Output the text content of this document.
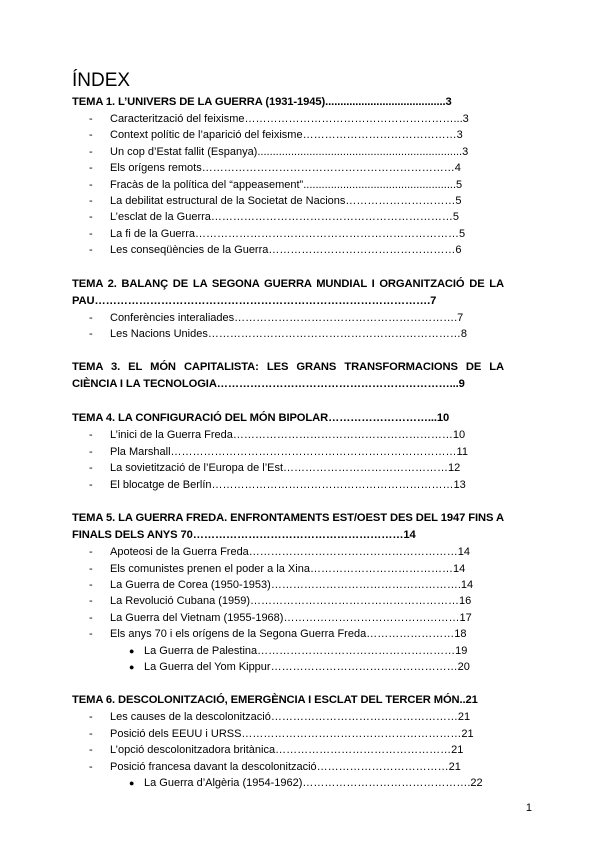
ÍNDEX
TEMA 1. L’UNIVERS DE LA GUERRA (1931-1945)........................................3
- Caracterització del feixisme…………………………………………………...3
- Context polític de l’aparició del feixisme……………………………………3
- Un cop d’Estat fallit (Espanya)...................................................................3
- Els orígens remots……………………………………………………………4
- Fracàs de la política del “appeasement”..................................................5
- La debilitat estructural de la Societat de Nacions…………………………5
- L’esclat de la Guerra…………………………………………………………5
- La fi de la Guerra………………………………………………………………5
- Les conseqüències de la Guerra……………………………………………6
TEMA 2. BALANÇ DE LA SEGONA GUERRA MUNDIAL I ORGANITZACIÓ DE LA PAU……………………………………………………………………………….7
- Conferències interaliades…………………………………………………….7
- Les Nacions Unides……………………………………………………………8
TEMA 3. EL MÓN CAPITALISTA: LES GRANS TRANSFORMACIONS DE LA CIÈNCIA I LA TECNOLOGIA………………………………………………………...9
TEMA 4. LA CONFIGURACIÓ DEL MÓN BIPOLAR………………………...10
- L’inici de la Guerra Freda……………………………………………………10
- Pla Marshall……………………………………………………………………11
- La sovietització de l’Europa de l’Est………………………………………12
- El blocatge de Berlín…………………………………………………………13
TEMA 5. LA GUERRA FREDA. ENFRONTAMENTS EST/OEST DES DEL 1947 FINS A FINALS DELS ANYS 70…………………………………………………14
- Apoteosi de la Guerra Freda…………………………………………………14
- Els comunistes prenen el poder a la Xina…………………………………14
- La Guerra de Corea (1950-1953)…………………………………………….14
- La Revolució Cubana (1959)…………………………………………………16
- La Guerra del Vietnam (1955-1968)…………………………………………17
- Els anys 70 i els orígens de la Segona Guerra Freda……………………18
● La Guerra de Palestina………………………………………………19
● La Guerra del Yom Kippur……………………………………………20
TEMA 6. DESCOLONITZACIÓ, EMERGÈNCIA I ESCLAT DEL TERCER MÓN..21
- Les causes de la descolonització……………………………………………21
- Posició dels EEUU i URSS……………………………………………………21
- L’opció descolonitzadora britànica…………………………………………21
- Posició francesa davant la descolonització………………………………21
● La Guerra d’Algèria (1954-1962)……………………………………….22
1
